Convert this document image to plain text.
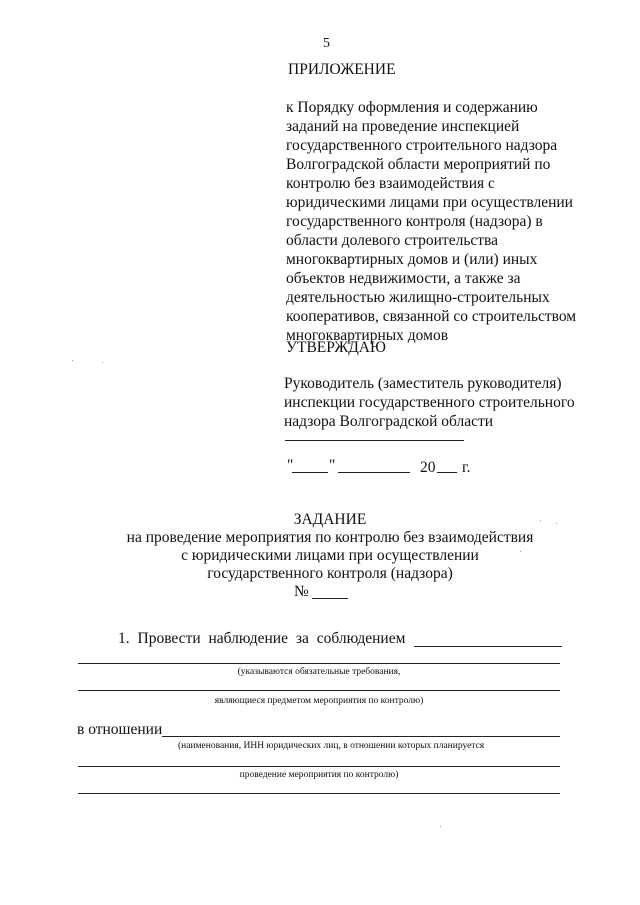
5
ПРИЛОЖЕНИЕ
к Порядку оформления и содержанию
заданий на проведение инспекцией
государственного строительного надзора
Волгоградской области мероприятий по
контролю без взаимодействия с
юридическими лицами при осуществлении
государственного контроля (надзора) в
области долевого строительства
многоквартирных домов и (или) иных
объектов недвижимости, а также за
деятельностью жилищно-строительных
кооперативов, связанной со строительством
многоквартирных домов
УТВЕРЖДАЮ
Руководитель (заместитель руководителя)
инспекции государственного строительного
надзора Волгоградской области
" "	20 г.
ЗАДАНИЕ
на проведение мероприятия по контролю без взаимодействия
с юридическими лицами при осуществлении
государственного контроля (надзора)
№
1. Провести наблюдение за соблюдением
(указываются обязательные требования,
являющиеся предметом мероприятия по контролю)
в отношении
(наименования, ИНН юридических лиц, в отношении которых планируется
проведение мероприятия по контролю)
